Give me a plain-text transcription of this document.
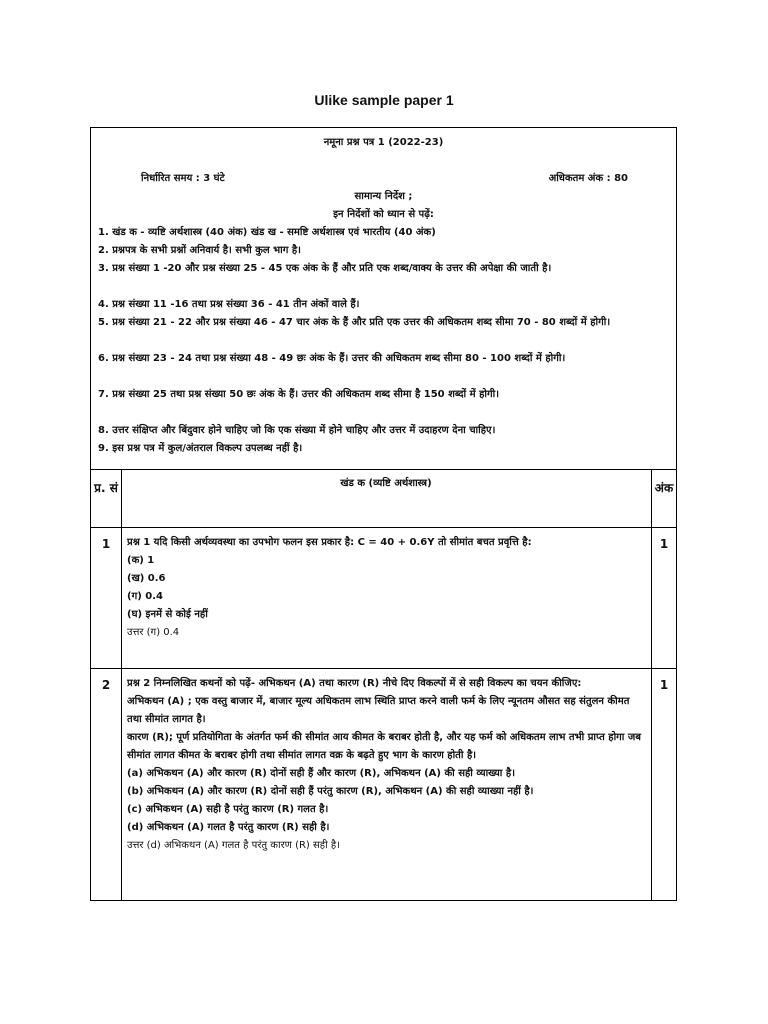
Ulike sample paper 1
नमूना प्रश्न पत्र 1 (2022-23)
निर्धारित समय : 3 घंटे	अधिकतम अंक : 80
सामान्य निर्देश ;
इन निर्देशों को ध्यान से पढ़ें:
1. खंड क - व्यष्टि अर्थशास्त्र (40 अंक) खंड ख - समष्टि अर्थशास्त्र एवं भारतीय (40 अंक)
2. प्रश्नपत्र के सभी प्रश्नों अनिवार्य है। सभी कुल भाग है।
3. प्रश्न संख्या 1 -20 और प्रश्न संख्या 25 - 45 एक अंक के हैं और प्रति एक शब्द/वाक्य के उत्तर की अपेक्षा की जाती है।
4. प्रश्न संख्या 11 -16 तथा प्रश्न संख्या 36 - 41 तीन अंकों वाले हैं।
5. प्रश्न संख्या 21 - 22 और प्रश्न संख्या 46 - 47 चार अंक के हैं और प्रति एक उत्तर की अधिकतम शब्द सीमा 70 - 80 शब्दों में होगी।
6. प्रश्न संख्या 23 - 24 तथा प्रश्न संख्या 48 - 49 छः अंक के हैं। उत्तर की अधिकतम शब्द सीमा 80 - 100 शब्दों में होगी।
7. प्रश्न संख्या 25 तथा प्रश्न संख्या 50 छः अंक के हैं। उत्तर की अधिकतम शब्द सीमा है 150 शब्दों में होगी।
8. उत्तर संक्षिप्त और बिंदुवार होने चाहिए जो कि एक संख्या में होने चाहिए और उत्तर में उदाहरण देना चाहिए।
9. इस प्रश्न पत्र में कुल/अंतराल विकल्प उपलब्ध नहीं है।
प्र. सं	खंड क (व्यष्टि अर्थशास्त्र)	अंक
1	प्रश्न 1 यदि किसी अर्थव्यवस्था का उपभोग फलन इस प्रकार है: C = 40 + 0.6Y तो सीमांत बचत प्रवृत्ति है:
(क) 1
(ख) 0.6
(ग) 0.4
(घ) इनमें से कोई नहीं
उत्तर (ग) 0.4
1
2	प्रश्न 2 निम्नलिखित कथनों को पढ़ें- अभिकथन (A) तथा कारण (R) नीचे दिए विकल्पों में से सही विकल्प का चयन कीजिए:
अभिकथन (A) ; एक वस्तु बाजार में, बाजार मूल्य अधिकतम लाभ स्थिति प्राप्त करने वाली फर्म के लिए न्यूनतम औसत सह संतुलन कीमत तथा सीमांत लागत है।
कारण (R); पूर्ण प्रतियोगिता के अंतर्गत फर्म की सीमांत आय कीमत के बराबर होती है, और यह फर्म को अधिकतम लाभ तभी प्राप्त होगा जब सीमांत लागत कीमत के बराबर होगी तथा सीमांत लागत वक्र के बढ़ते हुए भाग के कारण होती है।
(a) अभिकथन (A) और कारण (R) दोनों सही हैं और कारण (R), अभिकथन (A) की सही व्याख्या है।
(b) अभिकथन (A) और कारण (R) दोनों सही हैं परंतु कारण (R), अभिकथन (A) की सही व्याख्या नहीं है।
(c) अभिकथन (A) सही है परंतु कारण (R) गलत है।
(d) अभिकथन (A) गलत है परंतु कारण (R) सही है।
उत्तर (d) अभिकथन (A) गलत है परंतु कारण (R) सही है।
1
